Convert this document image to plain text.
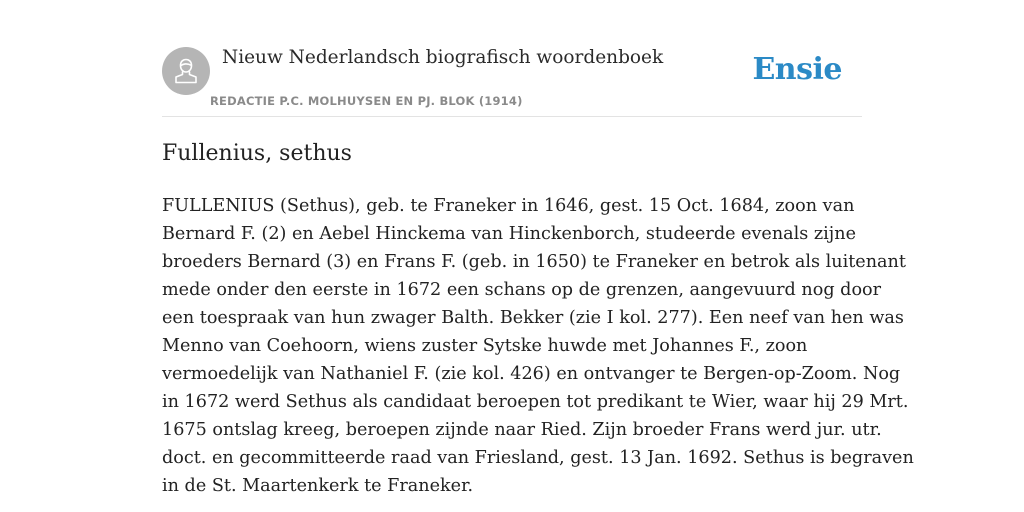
Nieuw Nederlandsch biografisch woordenboek
REDACTIE P.C. MOLHUYSEN EN PJ. BLOK (1914)
Ensie
Fullenius, sethus

FULLENIUS (Sethus), geb. te Franeker in 1646, gest. 15 Oct. 1684, zoon van
Bernard F. (2) en Aebel Hinckema van Hinckenborch, studeerde evenals zijne
broeders Bernard (3) en Frans F. (geb. in 1650) te Franeker en betrok als luitenant
mede onder den eerste in 1672 een schans op de grenzen, aangevuurd nog door
een toespraak van hun zwager Balth. Bekker (zie I kol. 277). Een neef van hen was
Menno van Coehoorn, wiens zuster Sytske huwde met Johannes F., zoon
vermoedelijk van Nathaniel F. (zie kol. 426) en ontvanger te Bergen-op-Zoom. Nog
in 1672 werd Sethus als candidaat beroepen tot predikant te Wier, waar hij 29 Mrt.
1675 ontslag kreeg, beroepen zijnde naar Ried. Zijn broeder Frans werd jur. utr.
doct. en gecommitteerde raad van Friesland, gest. 13 Jan. 1692. Sethus is begraven
in de St. Maartenkerk te Franeker.
